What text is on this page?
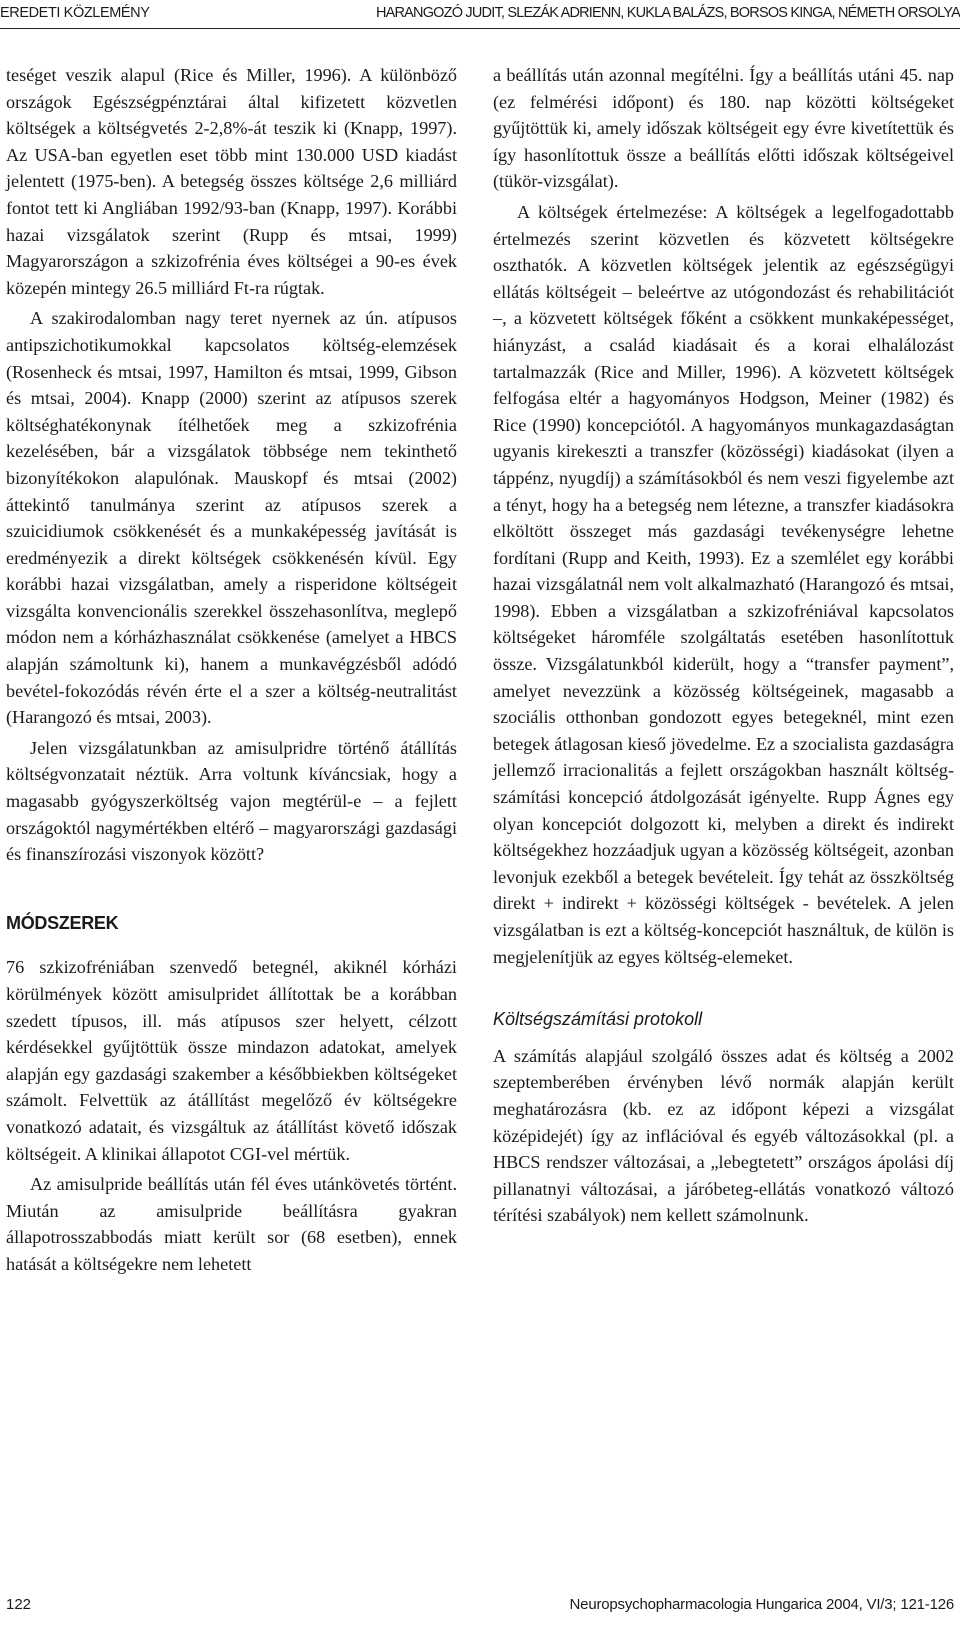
EREDETI KÖZLEMÉNY	HARANGOZÓ JUDIT, SLEZÁK ADRIENN, KUKLA BALÁZS, BORSOS KINGA, NÉMETH ORSOLYA

teséget veszik alapul (Rice és Miller, 1996). A különböző országok Egészségpénztárai által kifizetett közvetlen költségek a költségvetés 2-2,8%-át teszik ki (Knapp, 1997). Az USA-ban egyetlen eset több mint 130.000 USD kiadást jelentett (1975-ben). A betegség összes költsége 2,6 milliárd fontot tett ki Angliában 1992/93-ban (Knapp, 1997). Korábbi hazai vizsgálatok szerint (Rupp és mtsai, 1999) Magyarországon a szkizofrénia éves költségei a 90-es évek közepén mintegy 26.5 milliárd Ft-ra rúgtak.

A szakirodalomban nagy teret nyernek az ún. atípusos antipszichotikumokkal kapcsolatos költség-elemzések (Rosenheck és mtsai, 1997, Hamilton és mtsai, 1999, Gibson és mtsai, 2004). Knapp (2000) szerint az atípusos szerek költséghatékonynak ítélhetőek meg a szkizofrénia kezelésében, bár a vizsgálatok többsége nem tekinthető bizonyítékokon alapulónak. Mauskopf és mtsai (2002) áttekintő tanulmánya szerint az atípusos szerek a szuicidiumok csökkenését és a munkaképesség javítását is eredményezik a direkt költségek csökkenésén kívül. Egy korábbi hazai vizsgálatban, amely a risperidone költségeit vizsgálta konvencionális szerekkel összehasonlítva, meglepő módon nem a kórházhasználat csökkenése (amelyet a HBCS alapján számoltunk ki), hanem a munkavégzésből adódó bevétel-fokozódás révén érte el a szer a költség-neutralitást (Harangozó és mtsai, 2003).

Jelen vizsgálatunkban az amisulpridre történő átállítás költségvonzatait néztük. Arra voltunk kíváncsiak, hogy a magasabb gyógyszerköltség vajon megtérül-e – a fejlett országoktól nagymértékben eltérő – magyarországi gazdasági és finanszírozási viszonyok között?

MÓDSZEREK

76 szkizofréniában szenvedő betegnél, akiknél kórházi körülmények között amisulpridet állítottak be a korábban szedett típusos, ill. más atípusos szer helyett, célzott kérdésekkel gyűjtöttük össze mindazon adatokat, amelyek alapján egy gazdasági szakember a későbbiekben költségeket számolt. Felvettük az átállítást megelőző év költségekre vonatkozó adatait, és vizsgáltuk az átállítást követő időszak költségeit. A klinikai állapotot CGI-vel mértük.

Az amisulpride beállítás után fél éves utánkövetés történt. Miután az amisulpride beállításra gyakran állapotrosszabbodás miatt került sor (68 esetben), ennek hatását a költségekre nem lehetett

a beállítás után azonnal megítélni. Így a beállítás utáni 45. nap (ez felmérési időpont) és 180. nap közötti költségeket gyűjtöttük ki, amely időszak költségeit egy évre kivetítettük és így hasonlítottuk össze a beállítás előtti időszak költségeivel (tükör-vizsgálat).

A költségek értelmezése: A költségek a legelfogadottabb értelmezés szerint közvetlen és közvetett költségekre oszthatók. A közvetlen költségek jelentik az egészségügyi ellátás költségeit – beleértve az utógondozást és rehabilitációt –, a közvetett költségek főként a csökkent munkaképességet, hiányzást, a család kiadásait és a korai elhalálozást tartalmazzák (Rice and Miller, 1996). A közvetett költségek felfogása eltér a hagyományos Hodgson, Meiner (1982) és Rice (1990) koncepciótól. A hagyományos munkagazdaságtan ugyanis kirekeszti a transzfer (közösségi) kiadásokat (ilyen a táppénz, nyugdíj) a számításokból és nem veszi figyelembe azt a tényt, hogy ha a betegség nem létezne, a transzfer kiadásokra elköltött összeget más gazdasági tevékenységre lehetne fordítani (Rupp and Keith, 1993). Ez a szemlélet egy korábbi hazai vizsgálatnál nem volt alkalmazható (Harangozó és mtsai, 1998). Ebben a vizsgálatban a szkizofréniával kapcsolatos költségeket háromféle szolgáltatás esetében hasonlítottuk össze. Vizsgálatunkból kiderült, hogy a “transfer payment”, amelyet nevezzünk a közösség költségeinek, magasabb a szociális otthonban gondozott egyes betegeknél, mint ezen betegek átlagosan kieső jövedelme. Ez a szocialista gazdaságra jellemző irracionalitás a fejlett országokban használt költség-számítási koncepció átdolgozását igényelte. Rupp Ágnes egy olyan koncepciót dolgozott ki, melyben a direkt és indirekt költségekhez hozzáadjuk ugyan a közösség költségeit, azonban levonjuk ezekből a betegek bevételeit. Így tehát az összköltség direkt + indirekt + közösségi költségek - bevételek. A jelen vizsgálatban is ezt a költség-koncepciót használtuk, de külön is megjelenítjük az egyes költség-elemeket.

Költségszámítási protokoll

A számítás alapjául szolgáló összes adat és költség a 2002 szeptemberében érvényben lévő normák alapján került meghatározásra (kb. ez az időpont képezi a vizsgálat középidejét) így az inflációval és egyéb változásokkal (pl. a HBCS rendszer változásai, a „lebegtetett” országos ápolási díj pillanatnyi változásai, a járóbeteg-ellátás vonatkozó változó térítési szabályok) nem kellett számolnunk.

122	Neuropsychopharmacologia Hungarica 2004, VI/3; 121-126
